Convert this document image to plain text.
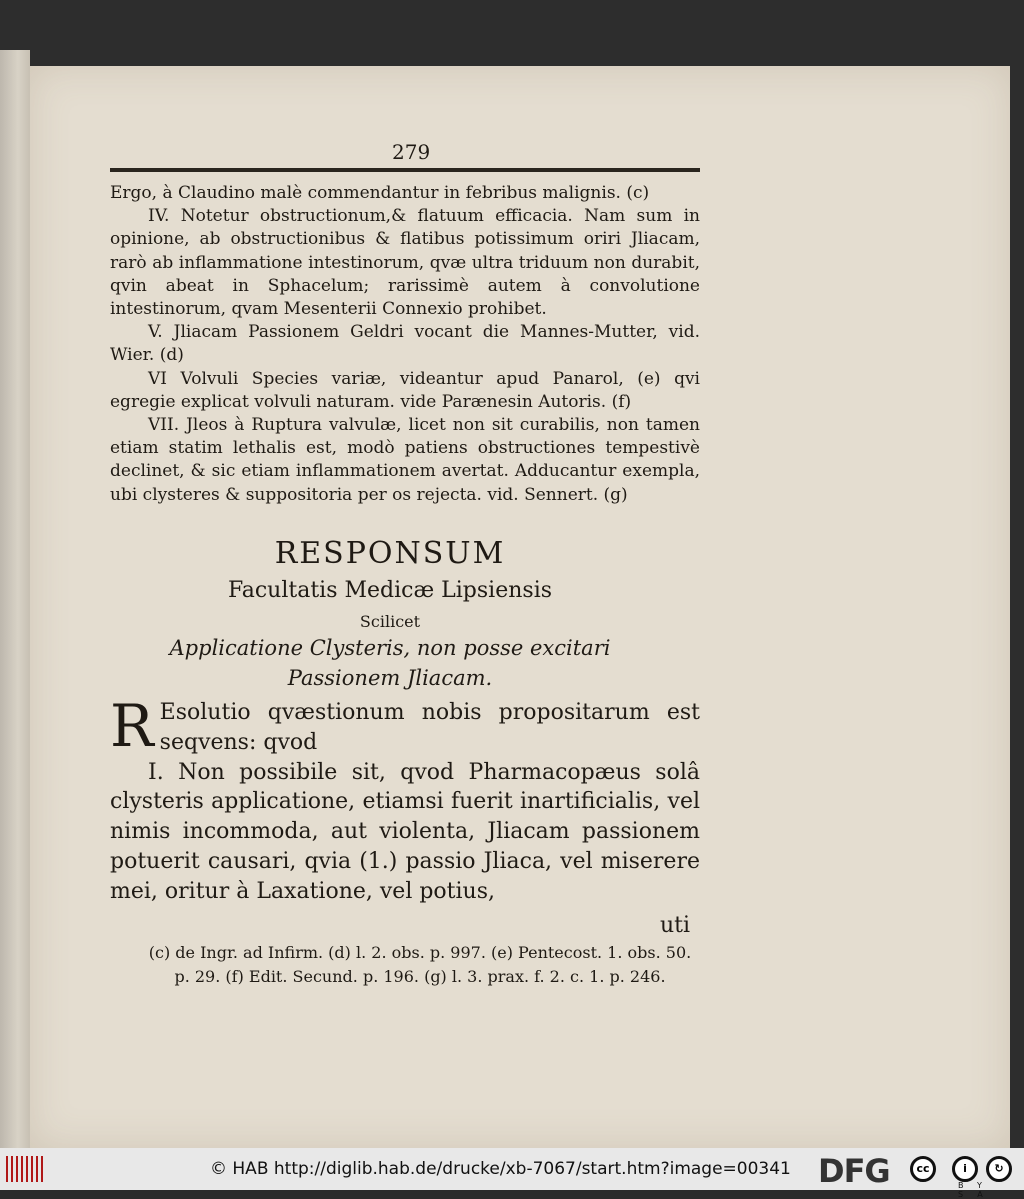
279

Ergo, à Claudino malè commendantur in febribus malignis. (c)

IV. Notetur obstructionum,& flatuum efficacia. Nam sum in opinione, ab obstructionibus & flatibus potissimum oriri Jliacam, rarò ab inflammatione intestinorum, qvæ ultra triduum non durabit, qvin abeat in Sphacelum; rarissimè autem à convolutione intestinorum, qvam Mesenterii Connexio prohibet.

V. Jliacam Passionem Geldri vocant die Mannes-Mutter, vid. Wier. (d)

VI Volvuli Species variæ, videantur apud Panarol, (e) qvi egregie explicat volvuli naturam. vide Parænesin Autoris. (f)

VII. Jleos à Ruptura valvulæ, licet non sit curabilis, non tamen etiam statim lethalis est, modò patiens obstructiones tempestivè declinet, & sic etiam inflammationem avertat. Adducantur exempla, ubi clysteres & suppositoria per os rejecta. vid. Sennert. (g)

RESPONSUM
Facultatis Medicæ Lipsiensis
Scilicet
Applicatione Clysteris, non posse excitari
Passionem Jliacam.

R Esolutio qvæstionum nobis propositarum est seqvens: qvod

I. Non possibile sit, qvod Pharmacopæus solâ clysteris applicatione, etiamsi fuerit inartificialis, vel nimis incommoda, aut violenta, Jliacam passionem potuerit causari, qvia (1.) passio Jliaca, vel miserere mei, oritur à Laxatione, vel potius,

uti
(c) de Ingr. ad Infirm. (d) l. 2. obs. p. 997. (e) Pentecost. 1. obs. 50.
p. 29. (f) Edit. Secund. p. 196. (g) l. 3. prax. f. 2. c. 1. p. 246.
© HAB http://diglib.hab.de/drucke/xb-7067/start.htm?image=00341 DFG	cc	i	↻
BY SA
